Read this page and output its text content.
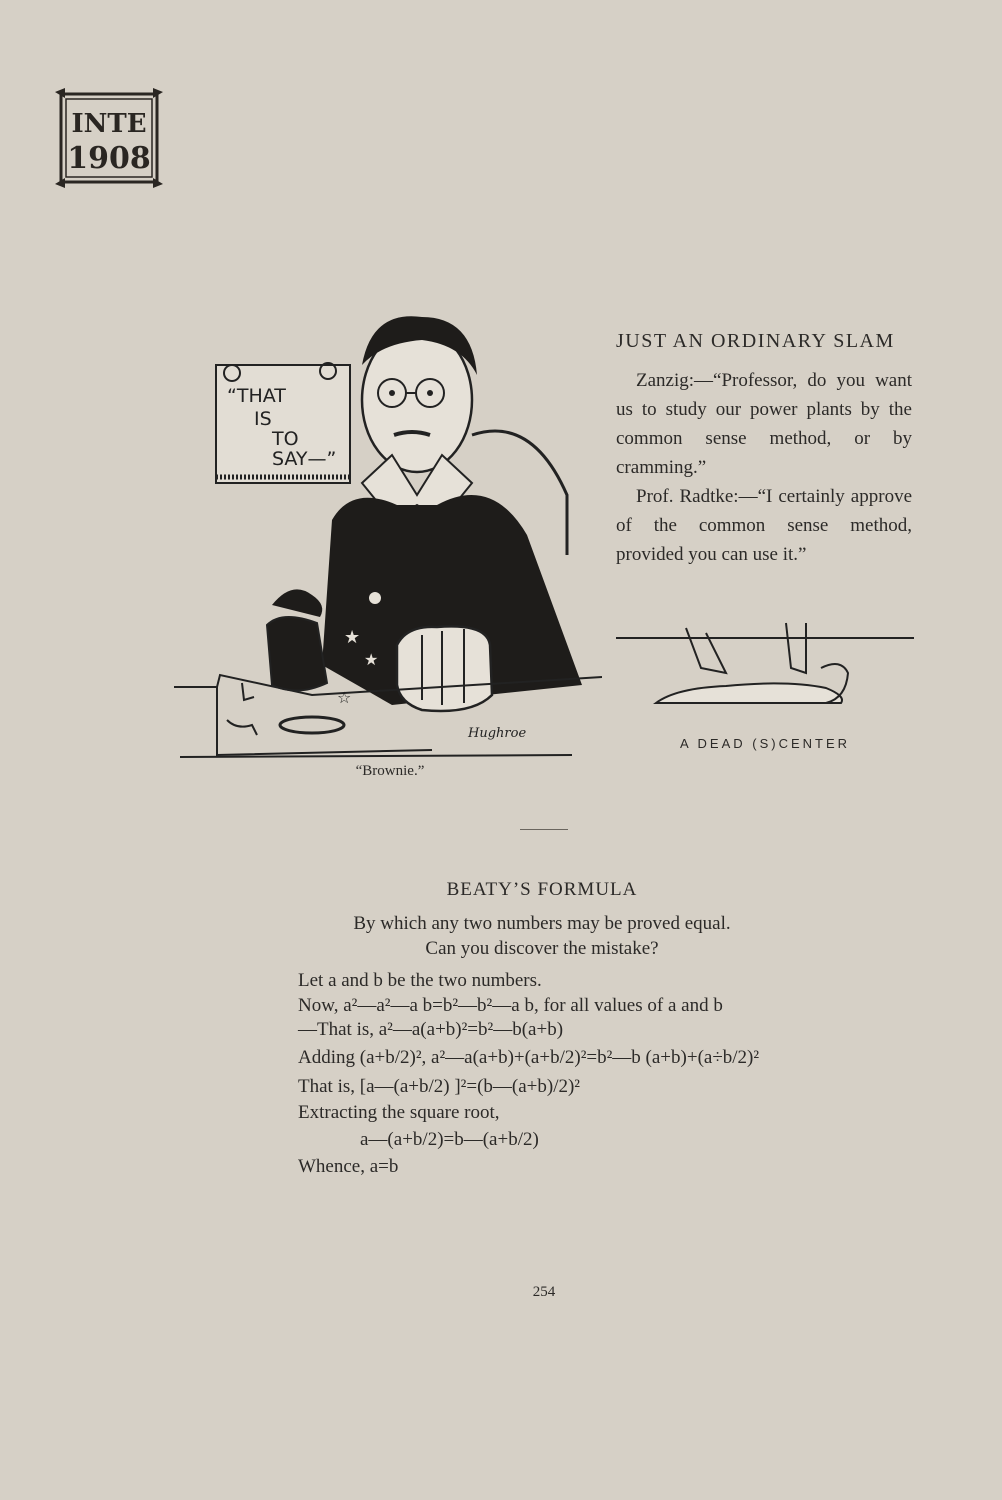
INTE
1908
★
★
☆
“THAT
IS
TO
SAY—”
Hughroe
“Brownie.”
JUST AN ORDINARY SLAM

Zanzig:—“Professor, do you want us to study our power plants by the common sense method, or by cramming.”

Prof. Radtke:—“I certainly approve of the common sense method, provided you can use it.”

A DEAD (S)CENTER
BEATY’S FORMULA
By which any two numbers may be proved equal.
Can you discover the mistake?
Let a and b be the two numbers.
Now, a²—a²—a b=b²—b²—a b, for all values of a and b
—That is, a²—a(a+b)²=b²—b(a+b)
Adding (a+b/2)², a²—a(a+b)+(a+b/2)²=b²—b (a+b)+(a÷b/2)²
That is, [a—(a+b/2) ]²=(b—(a+b)/2)²
Extracting the square root,
a—(a+b/2)=b—(a+b/2)
Whence, a=b
254
